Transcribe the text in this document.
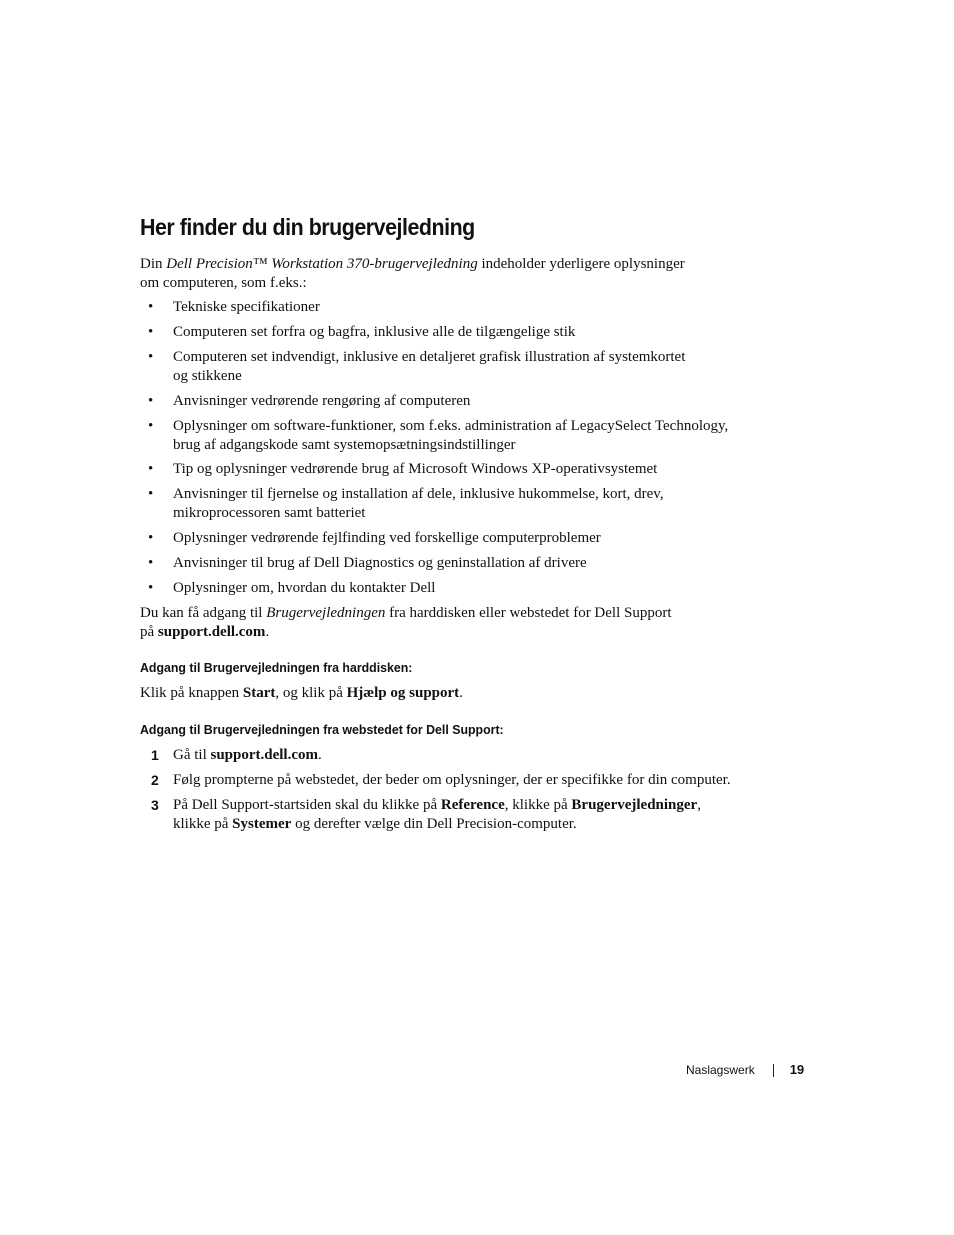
Her finder du din brugervejledning
Din Dell Precision™ Workstation 370-brugervejledning indeholder yderligere oplysninger
om computeren, som f.eks.:
• Tekniske specifikationer
• Computeren set forfra og bagfra, inklusive alle de tilgængelige stik
• Computeren set indvendigt, inklusive en detaljeret grafisk illustration af systemkortet
og stikkene
• Anvisninger vedrørende rengøring af computeren
• Oplysninger om software-funktioner, som f.eks. administration af LegacySelect Technology,
brug af adgangskode samt systemopsætningsindstillinger
• Tip og oplysninger vedrørende brug af Microsoft Windows XP-operativsystemet
• Anvisninger til fjernelse og installation af dele, inklusive hukommelse, kort, drev,
mikroprocessoren samt batteriet
• Oplysninger vedrørende fejlfinding ved forskellige computerproblemer
• Anvisninger til brug af Dell Diagnostics og geninstallation af drivere
• Oplysninger om, hvordan du kontakter Dell
Du kan få adgang til Brugervejledningen fra harddisken eller webstedet for Dell Support
på support.dell.com.
Adgang til Brugervejledningen fra harddisken:
Klik på knappen Start, og klik på Hjælp og support.
Adgang til Brugervejledningen fra webstedet for Dell Support:
1 Gå til support.dell.com.
2 Følg prompterne på webstedet, der beder om oplysninger, der er specifikke for din computer.
3 På Dell Support-startsiden skal du klikke på Reference, klikke på Brugervejledninger,
klikke på Systemer og derefter vælge din Dell Precision-computer.
Naslagswerk	19
